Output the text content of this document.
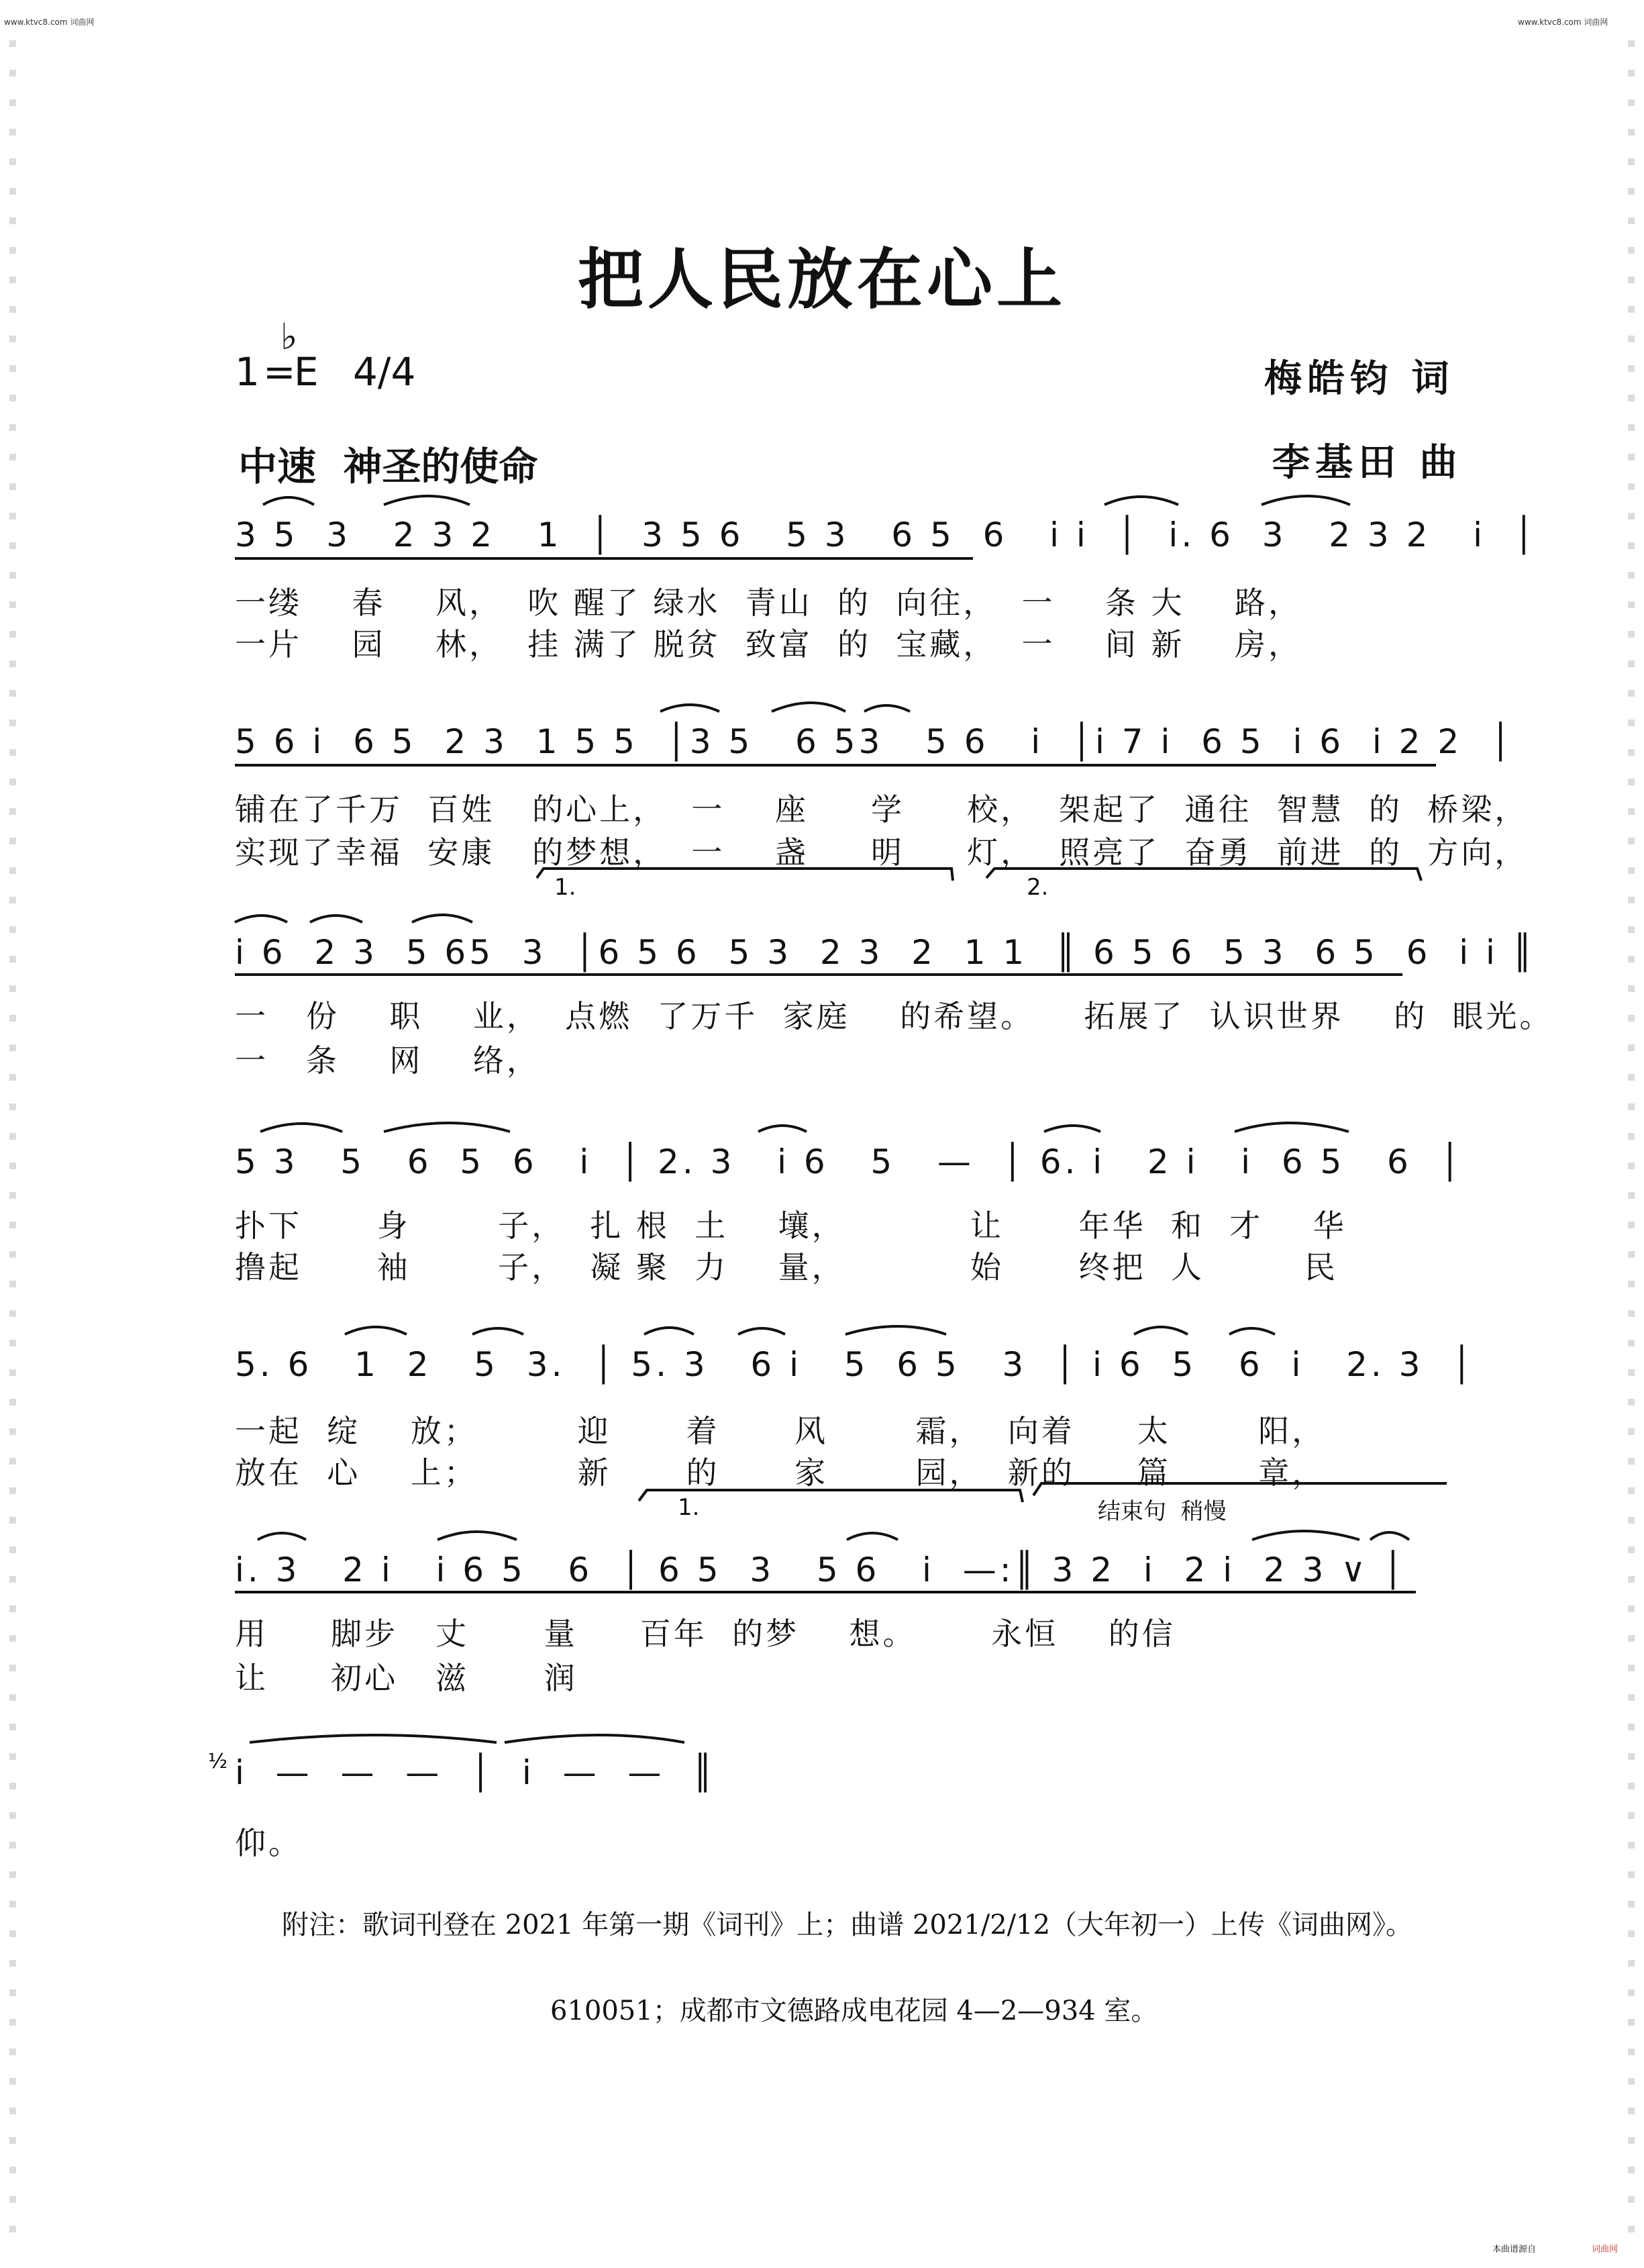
www.ktvc8.com 词曲网	www.ktvc8.com 词曲网
把人民放在心上
1 =
♭
E 4/4	梅皓钧 词
中速  神圣的使命	李基田 曲
3 5  3   2 3 2   1  │  3 5 6   5 3   6 5  6   i i  │  i. 6  3   2 3 2   i  │
一缕    春    风，  吹 醒了 绿水  青山  的  向往，  一    条 大    路，
一片    园    林，  挂 满了 脱贫  致富  的  宝藏，  一    间 新    房，
5 6 i  6 5  2 3  1 5 5  │3 5   6 53   5 6   i  │i 7 i  6 5  i 6  i 2 2  │
铺在了千万  百姓   的心上，  一    座     学     校，  架起了  通往  智慧  的  桥梁，
实现了幸福  安康   的梦想，  一    盏     明     灯，  照亮了  奋勇  前进  的  方向，
1.	2.
i 6  2 3  5 65  3  │6 5 6  5 3  2 3  2  1 1  ║ 6 5 6  5 3  6 5  6  i i ║
一   份    职    业，  点燃  了万千  家庭    的希望。    拓展了  认识世界    的  眼光。
一   条    网    络，
5 3   5   6  5  6   i  │ 2. 3   i 6   5   —  │ 6. i   2 i   i  6 5   6  │
扑下      身       子，  扎 根  土    壤，          让      年华  和  才    华
撸起      袖       子，  凝 聚  力    量，          始      终把  人        民
5. 6   1  2   5  3.  │ 5. 3   6 i   5  6 5   3  │ i 6  5   6  i   2. 3  │
一起  绽    放；        迎      着      风       霜，  向着     太       阳，
放在  心    上；        新      的      家       园，  新的     篇       章，
1.	结束句  稍慢
i. 3   2 i   i 6 5   6  │ 6 5  3   5 6   i  —:║ 3 2  i  2 i  2 3 ∨ │
用     脚步   丈      量     百年  的梦    想。      永恒    的信
让     初心   滋      润
i  —  —  —  │  i  —  —  ║
仰。
附注：歌词刊登在 2021 年第一期《词刊》上；曲谱 2021/2/12（大年初一）上传《词曲网》。
610051；成都市文德路成电花园 4—2—934 室。
本曲谱源自	词曲网
½
